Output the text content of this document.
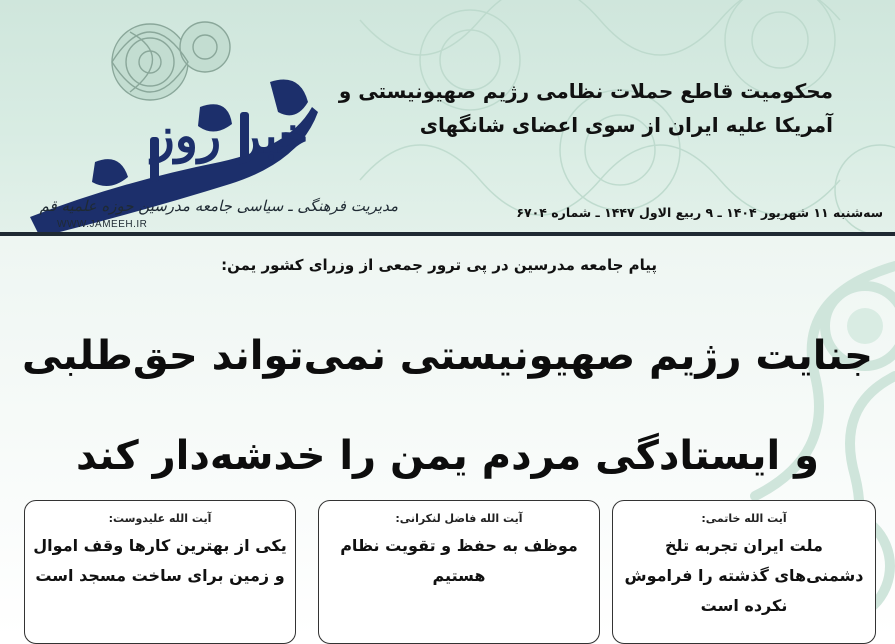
خبر روز
WWW.JAMEEH.IR
مدیریت فرهنگی ـ سیاسی جامعه مدرسین حوزه علمیه قم
محکومیت قاطع حملات نظامی رژیم صهیونیستی و
آمریکا علیه ایران از سوی اعضای شانگهای
سه‌شنبه ۱۱ شهریور ۱۴۰۴ ـ ۹ ربیع الاول ۱۴۴۷ ـ شماره ۶۷۰۴
پیام جامعه مدرسین در پی ترور جمعی از وزرای کشور یمن:
جنایت رژیم صهیونیستی نمی‌تواند حق‌طلبی
و ایستادگی مردم یمن را خدشه‌دار کند
آیت الله علیدوست:
یکی از بهترین کارها وقف اموال و زمین برای ساخت مسجد است
آیت الله فاضل لنکرانی:
موظف به حفظ و تقویت نظام هستیم
آیت الله خاتمی:
ملت ایران تجربه تلخ دشمنی‌های گذشته را فراموش نکرده است
